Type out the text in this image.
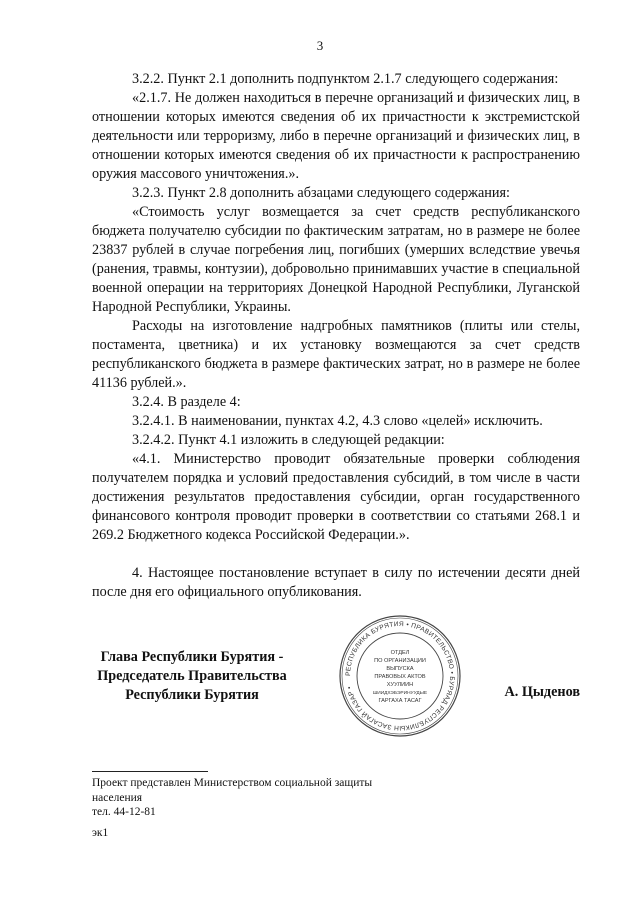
3

3.2.2. Пункт 2.1 дополнить подпунктом 2.1.7 следующего содержания:

«2.1.7. Не должен находиться в перечне организаций и физических лиц, в отношении которых имеются сведения об их причастности к экстремистской деятельности или терроризму, либо в перечне организаций и физических лиц, в отношении которых имеются сведения об их причастности к распространению оружия массового уничтожения.».

3.2.3. Пункт 2.8 дополнить абзацами следующего содержания:

«Стоимость услуг возмещается за счет средств республиканского бюджета получателю субсидии по фактическим затратам, но в размере не более 23837 рублей в случае погребения лиц, погибших (умерших вследствие увечья (ранения, травмы, контузии), добровольно принимавших участие в специальной военной операции на территориях Донецкой Народной Республики, Луганской Народной Республики, Украины.

Расходы на изготовление надгробных памятников (плиты или стелы, постамента, цветника) и их установку возмещаются за счет средств республиканского бюджета в размере фактических затрат, но в размере не более 41136 рублей.».

3.2.4. В разделе 4:

3.2.4.1. В наименовании, пунктах 4.2, 4.3 слово «целей» исключить.

3.2.4.2. Пункт 4.1 изложить в следующей редакции:

«4.1. Министерство проводит обязательные проверки соблюдения получателем порядка и условий предоставления субсидий, в том числе в части достижения результатов предоставления субсидии, орган государственного финансового контроля проводит проверки в соответствии со статьями 268.1 и 269.2 Бюджетного кодекса Российской Федерации.».

4. Настоящее постановление вступает в силу по истечении десяти дней после дня его официального опубликования.

Глава Республики Бурятия -
Председатель Правительства
Республики Бурятия
РЕСПУБЛИКА БУРЯТИЯ • ПРАВИТЕЛЬСТВО • БУРЯАД РЕСПУБЛИКЫН ЗАСАГАЙ ГАЗАР •
ОТДЕЛ
ПО ОРГАНИЗАЦИИ
ВЫПУСКА
ПРАВОВЫХ АКТОВ
ХУУЛИИН
ШИИДХЭБЭРИНУУДЫЕ
ГАРГАХА ТАСАГ
А. Цыденов
Проект представлен Министерством социальной защиты
населения
тел. 44-12-81
эк1
